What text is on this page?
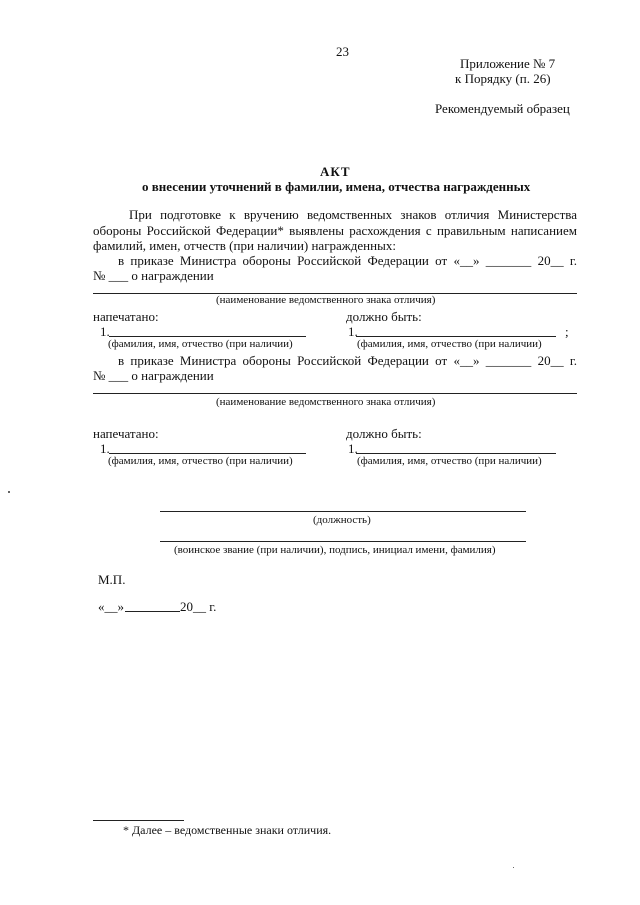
23
Приложение № 7
к Порядку (п. 26)
Рекомендуемый образец
АКТ
о внесении уточнений в фамилии, имена, отчества награжденных
При подготовке к вручению ведомственных знаков отличия Министерства
обороны Российской Федерации* выявлены расхождения с правильным написанием
фамилий, имен, отчеств (при наличии) награжденных:
в приказе Министра обороны Российской Федерации от «__» _______ 20__ г.
№ ___ о награждении
(наименование ведомственного знака отличия)
напечатано:	должно быть:
1.	1.	;
(фамилия, имя, отчество (при наличии)	(фамилия, имя, отчество (при наличии)
в приказе Министра обороны Российской Федерации от «__» _______ 20__ г.
№ ___ о награждении
(наименование ведомственного знака отличия)
напечатано:	должно быть:
1.	1.
(фамилия, имя, отчество (при наличии)	(фамилия, имя, отчество (при наличии)
(должность)
(воинское звание (при наличии), подпись, инициал имени, фамилия)
М.П.
«__»	20__ г.
* Далее – ведомственные знаки отличия.
